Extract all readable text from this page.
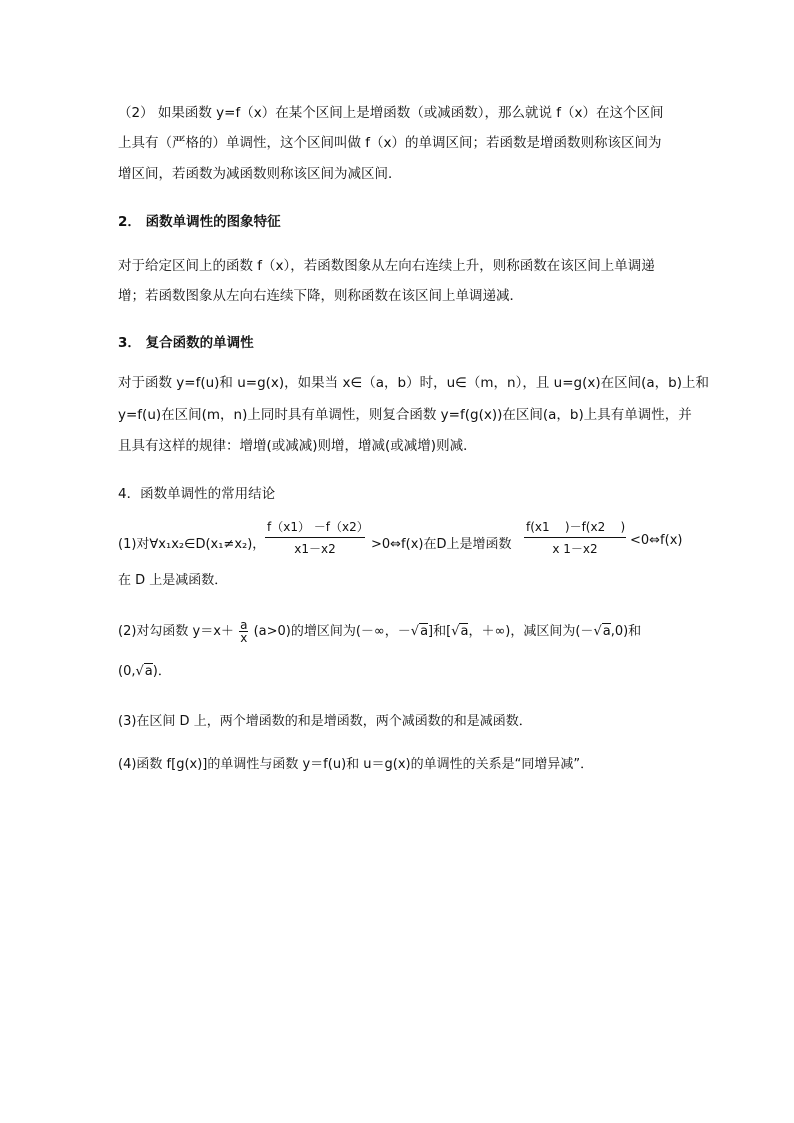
（2） 如果函数 y=f（x）在某个区间上是增函数（或减函数），那么就说 f（x）在这个区间
上具有（严格的）单调性，这个区间叫做 f（x）的单调区间；若函数是增函数则称该区间为
增区间，若函数为减函数则称该区间为减区间．
2． 函数单调性的图象特征
对于给定区间上的函数 f（x），若函数图象从左向右连续上升，则称函数在该区间上单调递
增；若函数图象从左向右连续下降，则称函数在该区间上单调递减．
3． 复合函数的单调性
对于函数 y=f(u)和 u=g(x)，如果当 x∈（a，b）时，u∈（m，n），且 u=g(x)在区间(a，b)上和
y=f(u)在区间(m，n)上同时具有单调性，则复合函数 y=f(g(x))在区间(a，b)上具有单调性，并
且具有这样的规律：增增(或减减)则增，增减(或减增)则减．
4．函数单调性的常用结论
(1)对∀x₁x₂∈D(x₁≠x₂)， $\frac{f(x1) -f(x2)}{x1-x2}$ >0⇔f(x)在D上是增函数 $\frac{f(x1 )-f(x2 )}{x 1-x2}$ <0⇔f(x)
在 D 上是减函数．
(2)对勾函数 $y=x+ \frac{a}{x} (a>0)$的增区间为(－∞，－√a]和[√a，＋∞)，减区间为(－√a,0)和
(0,√a)．
(3)在区间 D 上，两个增函数的和是增函数，两个减函数的和是减函数．
(4)函数 f[g(x)]的单调性与函数 y＝f(u)和 u＝g(x)的单调性的关系是“同增异减”．
